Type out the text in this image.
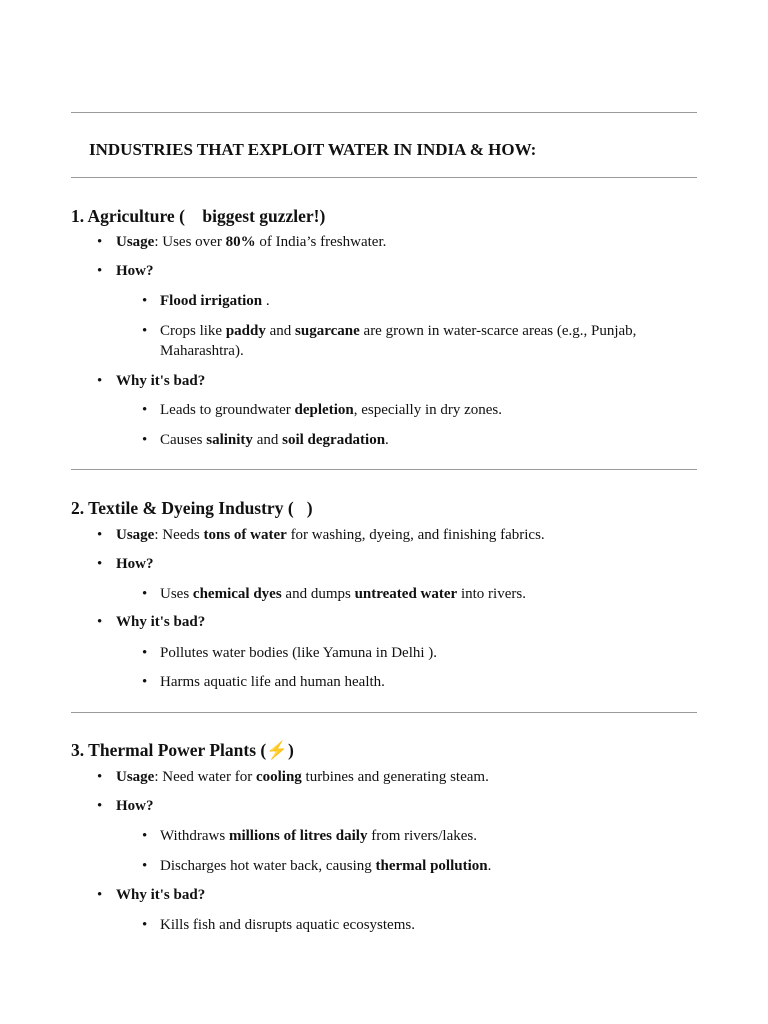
INDUSTRIES THAT EXPLOIT WATER IN INDIA & HOW:
1. Agriculture (    biggest guzzler!)
• Usage: Uses over 80% of India’s freshwater.
• How?
• Flood irrigation .
• Crops like paddy and sugarcane are grown in water-scarce areas (e.g., Punjab,
Maharashtra).
• Why it's bad?
• Leads to groundwater depletion, especially in dry zones.
• Causes salinity and soil degradation.
2. Textile & Dyeing Industry (   )
• Usage: Needs tons of water for washing, dyeing, and finishing fabrics.
• How?
• Uses chemical dyes and dumps untreated water into rivers.
• Why it's bad?
• Pollutes water bodies (like Yamuna in Delhi ).
• Harms aquatic life and human health.
3. Thermal Power Plants (⚡)
• Usage: Need water for cooling turbines and generating steam.
• How?
• Withdraws millions of litres daily from rivers/lakes.
• Discharges hot water back, causing thermal pollution.
• Why it's bad?
• Kills fish and disrupts aquatic ecosystems.
